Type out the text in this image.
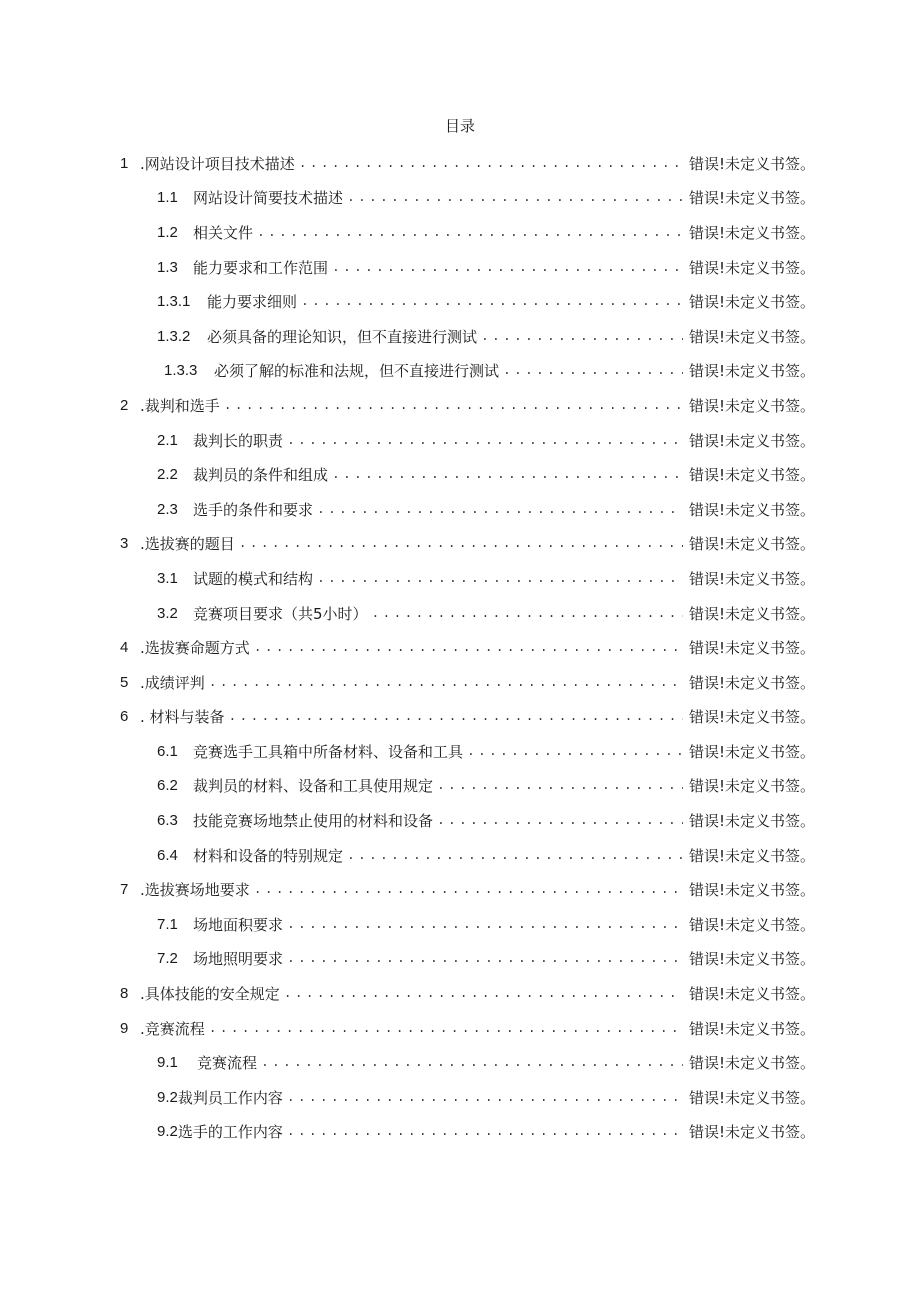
目录
1 .网站设计项目技术描述 .....	错误!未定义书签。
1.1	网站设计简要技术描述 .....	错误!未定义书签。
1.2	相关文件 .....	错误!未定义书签。
1.3	能力要求和工作范围 .....	错误!未定义书签。
1.3.1	能力要求细则 .....	错误!未定义书签。
1.3.2	必须具备的理论知识，但不直接进行测试 .....	错误!未定义书签。
1.3.3	必须了解的标准和法规，但不直接进行测试 .....	错误!未定义书签。
2 .裁判和选手 .....	错误!未定义书签。
2.1	裁判长的职责 .....	错误!未定义书签。
2.2	裁判员的条件和组成 .....	错误!未定义书签。
2.3	选手的条件和要求 .....	错误!未定义书签。
3 .选拔赛的题目 .....	错误!未定义书签。
3.1	试题的模式和结构 .....	错误!未定义书签。
3.2	竞赛项目要求（共5小时） .....	错误!未定义书签。
4 .选拔赛命题方式 .....	错误!未定义书签。
5 .成绩评判 .....	错误!未定义书签。
6 . 材料与装备 .....	错误!未定义书签。
6.1	竞赛选手工具箱中所备材料、设备和工具 .....	错误!未定义书签。
6.2	裁判员的材料、设备和工具使用规定 .....	错误!未定义书签。
6.3	技能竞赛场地禁止使用的材料和设备 .....	错误!未定义书签。
6.4	材料和设备的特别规定 .....	错误!未定义书签。
7 .选拔赛场地要求 .....	错误!未定义书签。
7.1	场地面积要求 .....	错误!未定义书签。
7.2	场地照明要求 .....	错误!未定义书签。
8 .具体技能的安全规定 .....	错误!未定义书签。
9 .竞赛流程 .....	错误!未定义书签。
9.1	竞赛流程 .....	错误!未定义书签。
9.2 裁判员工作内容 .....	错误!未定义书签。
9.2 选手的工作内容 .....	错误!未定义书签。
